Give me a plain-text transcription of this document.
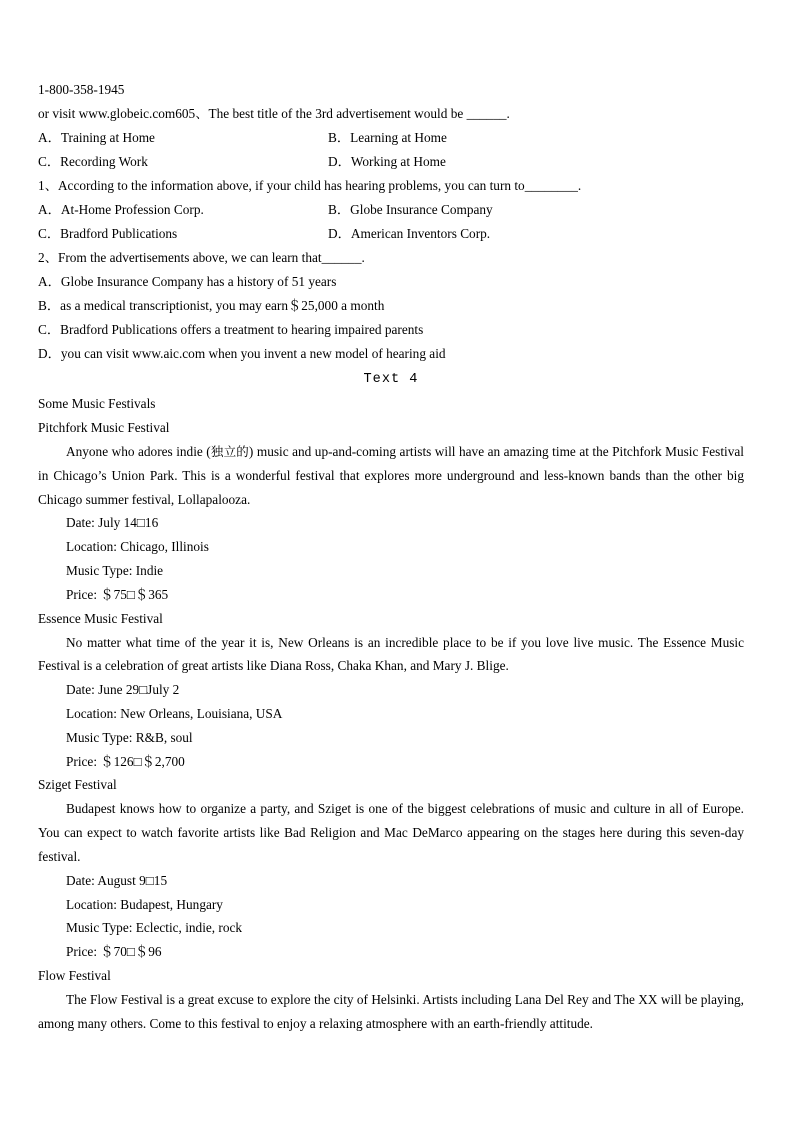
1-800-358-1945
or visit www.globeic.com605、The best title of the 3rd advertisement would be ______.
A．Training at Home	B．Learning at Home
C．Recording Work	D．Working at Home
1、According to the information above, if your child has hearing problems, you can turn to________.
A．At-Home Profession Corp.	B．Globe Insurance Company
C．Bradford Publications	D．American Inventors Corp.
2、From the advertisements above, we can learn that______.
A．Globe Insurance Company has a history of 51 years
B．as a medical transcriptionist, you may earn＄25,000 a month
C．Bradford Publications offers a treatment to hearing impaired parents
D．you can visit www.aic.com when you invent a new model of hearing aid
Text 4
Some Music Festivals
Pitchfork Music Festival
Anyone who adores indie (独立的) music and up-and-coming artists will have an amazing time at the Pitchfork Music Festival in Chicago’s Union Park. This is a wonderful festival that explores more underground and less-known bands than the other big Chicago summer festival, Lollapalooza.
Date: July 14□16
Location: Chicago, Illinois
Music Type: Indie
Price: ＄75□＄365
Essence Music Festival
No matter what time of the year it is, New Orleans is an incredible place to be if you love live music. The Essence Music Festival is a celebration of great artists like Diana Ross, Chaka Khan, and Mary J. Blige.
Date: June 29□July 2
Location: New Orleans, Louisiana, USA
Music Type: R&B, soul
Price: ＄126□＄2,700
Sziget Festival
Budapest knows how to organize a party, and Sziget is one of the biggest celebrations of music and culture in all of Europe. You can expect to watch favorite artists like Bad Religion and Mac DeMarco appearing on the stages here during this seven-day festival.
Date: August 9□15
Location: Budapest, Hungary
Music Type: Eclectic, indie, rock
Price: ＄70□＄96
Flow Festival
The Flow Festival is a great excuse to explore the city of Helsinki. Artists including Lana Del Rey and The XX will be playing, among many others. Come to this festival to enjoy a relaxing atmosphere with an earth-friendly attitude.
